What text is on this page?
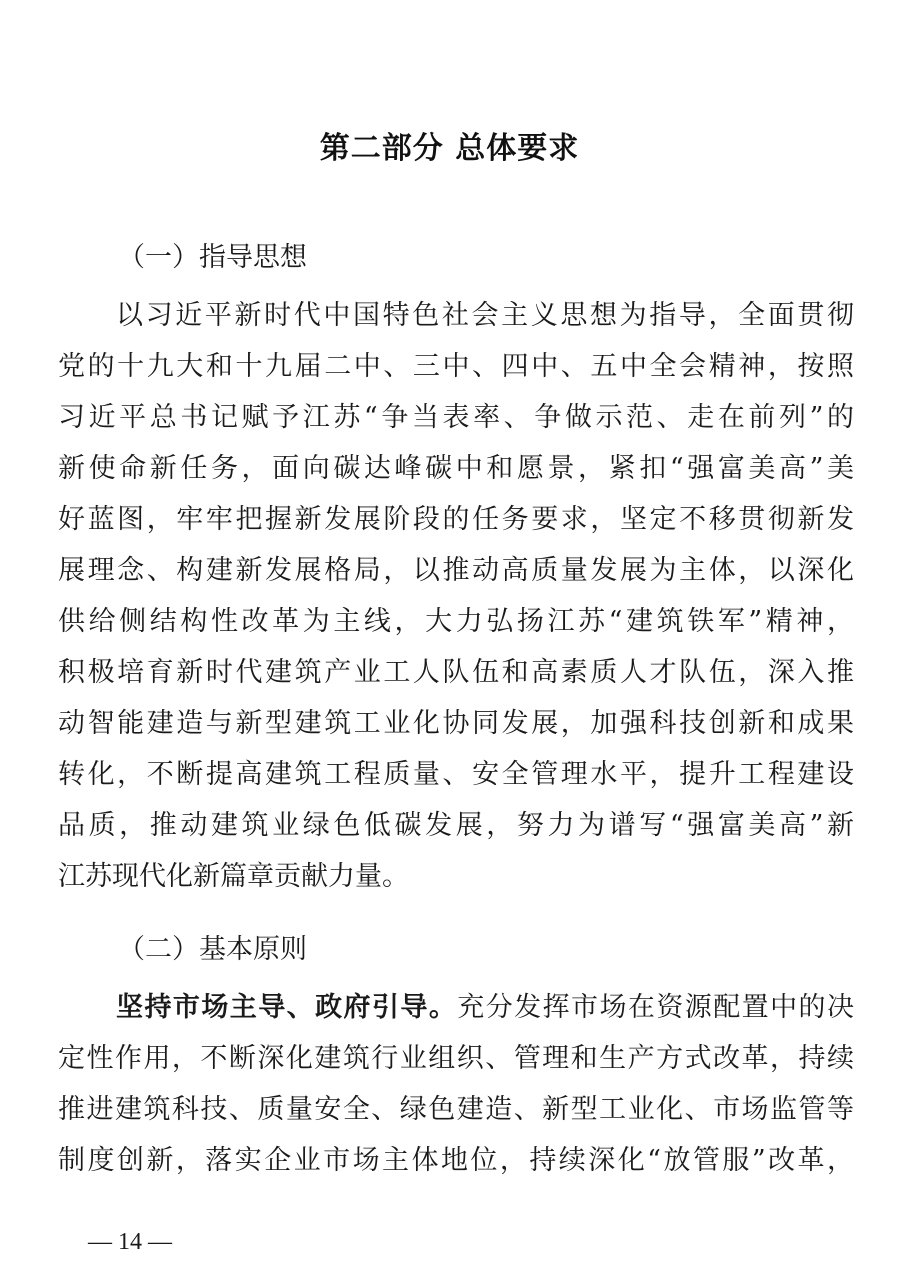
第二部分 总体要求
（一）指导思想
以习近平新时代中国特色社会主义思想为指导，全面贯彻
党的十九大和十九届二中、三中、四中、五中全会精神，按照
习近平总书记赋予江苏“争当表率、争做示范、走在前列”的
新使命新任务，面向碳达峰碳中和愿景，紧扣“强富美高”美
好蓝图，牢牢把握新发展阶段的任务要求，坚定不移贯彻新发
展理念、构建新发展格局，以推动高质量发展为主体，以深化
供给侧结构性改革为主线，大力弘扬江苏“建筑铁军”精神，
积极培育新时代建筑产业工人队伍和高素质人才队伍，深入推
动智能建造与新型建筑工业化协同发展，加强科技创新和成果
转化，不断提高建筑工程质量、安全管理水平，提升工程建设
品质，推动建筑业绿色低碳发展，努力为谱写“强富美高”新
江苏现代化新篇章贡献力量。
（二）基本原则
坚持市场主导、政府引导。充分发挥市场在资源配置中的决
定性作用，不断深化建筑行业组织、管理和生产方式改革，持续
推进建筑科技、质量安全、绿色建造、新型工业化、市场监管等
制度创新，落实企业市场主体地位，持续深化“放管服”改革，
— 14 —
